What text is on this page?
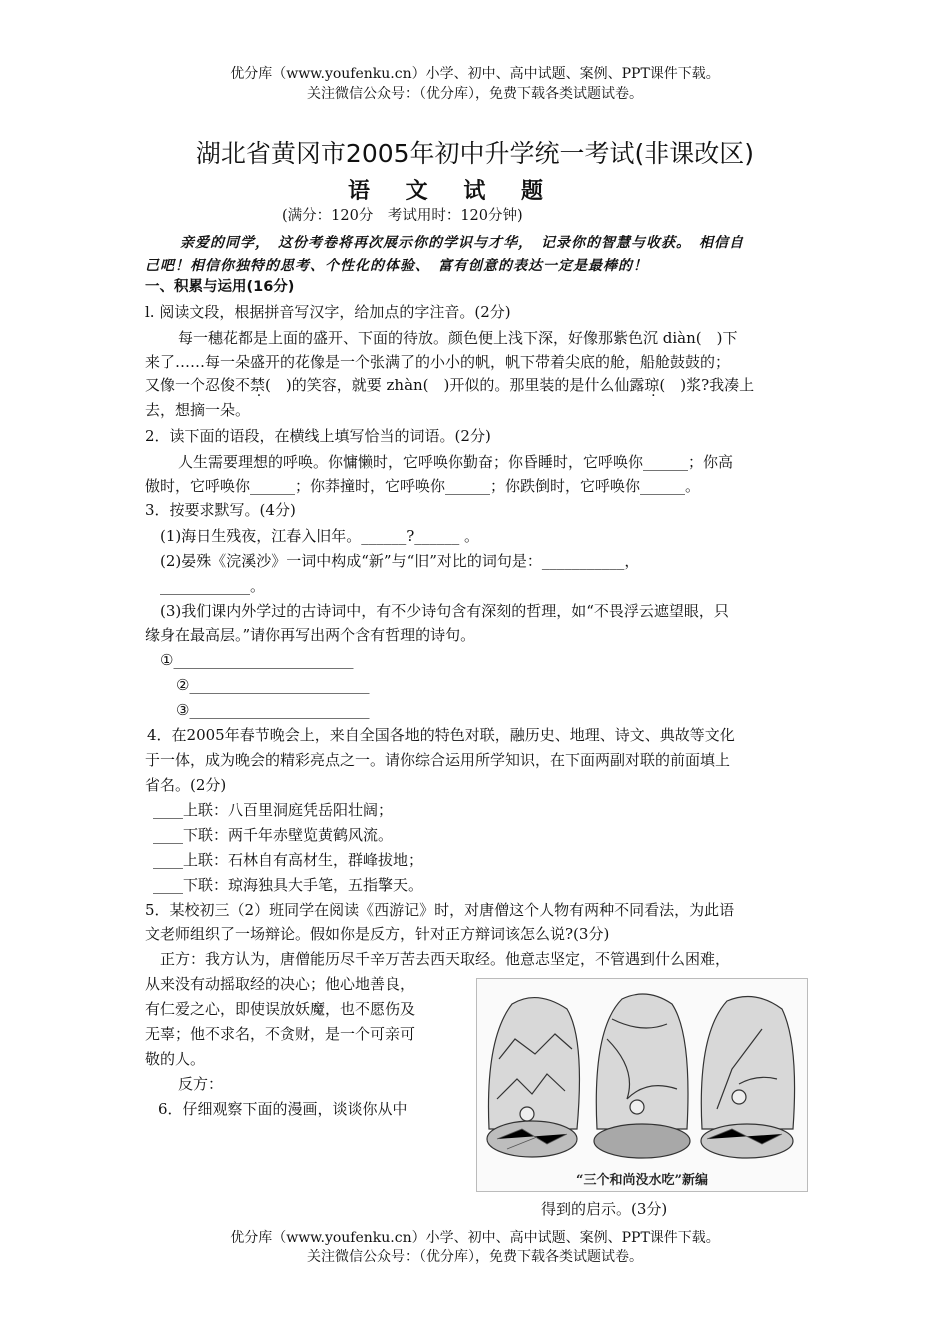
优分库（www.youfenku.cn）小学、初中、高中试题、案例、PPT课件下载。
关注微信公众号：（优分库），免费下载各类试题试卷。
湖北省黄冈市2005年初中升学统一考试(非课改区)
语 文 试 题
(满分：120分　考试用时：120分钟)
亲爱的同学，　这份考卷将再次展示你的学识与才华，　记录你的智慧与收获。　相信自
己吧！相信你独特的思考、个性化的体验、　富有创意的表达一定是最棒的！
一、积累与运用(16分)
l. 阅读文段，根据拼音写汉字，给加点的字注音。(2分)
每一穗花都是上面的盛开、下面的待放。颜色便上浅下深，好像那紫色沉 diàn(　)下
来了……每一朵盛开的花像是一个张满了的小小的帆，帆下带着尖底的舱，船舱鼓鼓的；
又像一个忍俊不禁(　)的笑容，就要 zhàn(　)开似的。那里装的是什么仙露琼(　)浆?我凑上
去，想摘一朵。
2．读下面的语段，在横线上填写恰当的词语。(2分)
人生需要理想的呼唤。你慵懒时，它呼唤你勤奋；你昏睡时，它呼唤你______；你高
傲时，它呼唤你______；你莽撞时，它呼唤你______；你跌倒时，它呼唤你______。
3．按要求默写。(4分)
(1)海日生残夜，江春入旧年。______?______ 。
(2)晏殊《浣溪沙》一词中构成“新”与“旧”对比的词句是：___________，
____________。
(3)我们课内外学过的古诗词中，有不少诗句含有深刻的哲理，如“不畏浮云遮望眼，只
缘身在最高层。”请你再写出两个含有哲理的诗句。
①________________________
②________________________
③________________________
4．在2005年春节晚会上，来自全国各地的特色对联，融历史、地理、诗文、典故等文化
于一体，成为晚会的精彩亮点之一。请你综合运用所学知识，在下面两副对联的前面填上
省名。(2分)
____上联：八百里洞庭凭岳阳壮阔；
____下联：两千年赤壁览黄鹤风流。
____上联：石林自有高材生，群峰拔地；
____下联：琼海独具大手笔，五指擎天。
5．某校初三（2）班同学在阅读《西游记》时，对唐僧这个人物有两种不同看法，为此语
文老师组织了一场辩论。假如你是反方，针对正方辩词该怎么说?(3分)
正方：我方认为，唐僧能历尽千辛万苦去西天取经。他意志坚定，不管遇到什么困难，
从来没有动摇取经的决心；他心地善良，
有仁爱之心，即使误放妖魔，也不愿伤及
无辜；他不求名，不贪财，是一个可亲可
敬的人。
反方：
6．仔细观察下面的漫画，谈谈你从中
“三个和尚没水吃”新编
得到的启示。(3分)
优分库（www.youfenku.cn）小学、初中、高中试题、案例、PPT课件下载。
关注微信公众号：（优分库），免费下载各类试题试卷。
